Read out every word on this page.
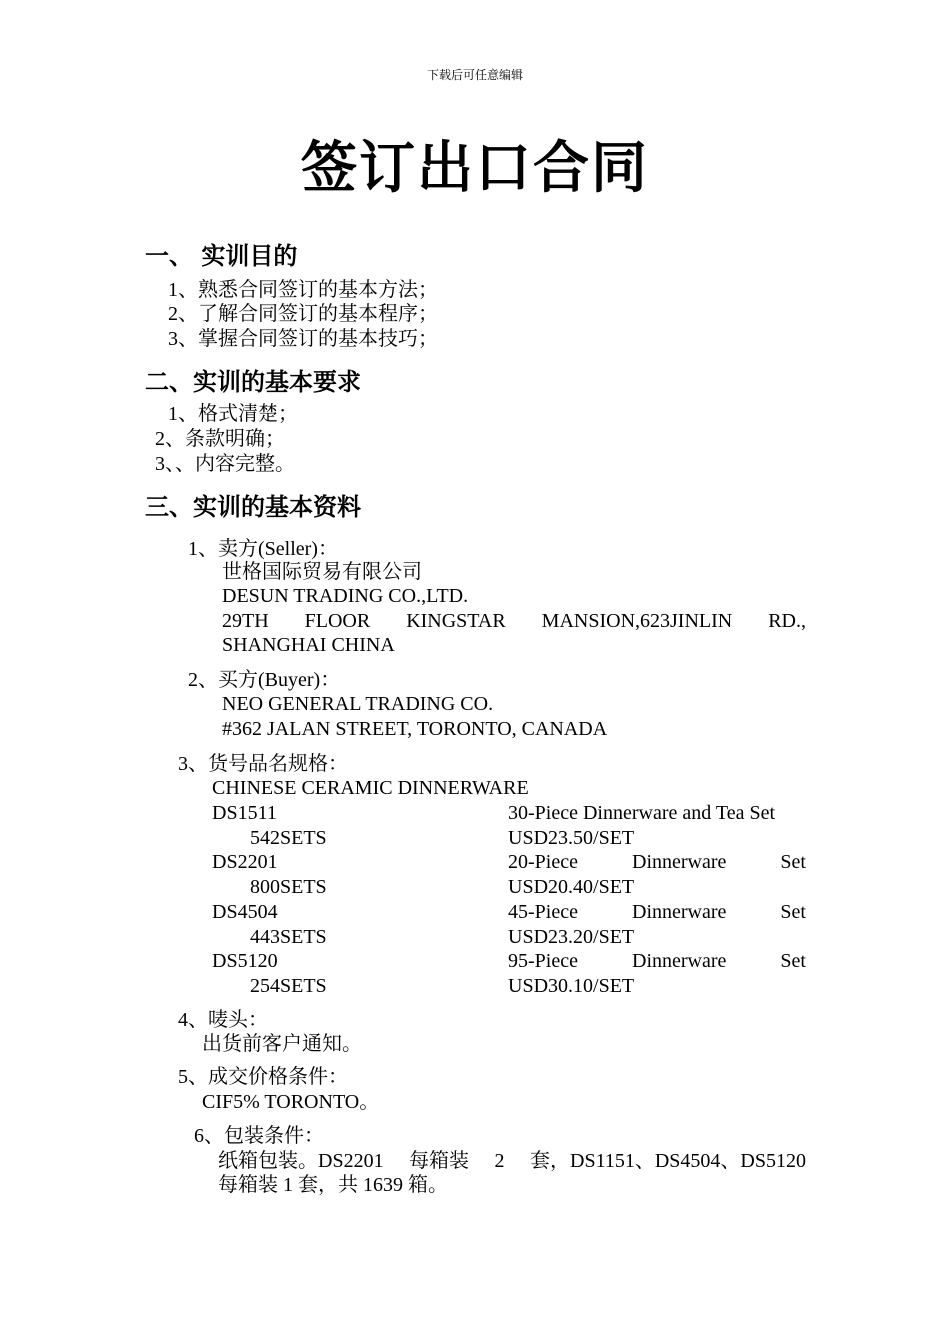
下载后可任意编辑
签订出口合同
一、 实训目的
1、熟悉合同签订的基本方法；
2、了解合同签订的基本程序；
3、掌握合同签订的基本技巧；
二、实训的基本要求
1、格式清楚；
2、条款明确；
3、、内容完整。
三、实训的基本资料
1、卖方(Seller)：
世格国际贸易有限公司
DESUN TRADING CO.,LTD.
29TH FLOOR KINGSTAR MANSION,623JINLIN RD.,
SHANGHAI CHINA
2、买方(Buyer)：
NEO GENERAL TRADING CO.
#362 JALAN STREET, TORONTO, CANADA
3、货号品名规格：
CHINESE CERAMIC DINNERWARE
DS1511	30-Piece Dinnerware and Tea Set
542SETS	USD23.50/SET
DS2201	20-Piece	Dinnerware	Set
800SETS	USD20.40/SET
DS4504	45-Piece	Dinnerware	Set
443SETS	USD23.20/SET
DS5120	95-Piece	Dinnerware	Set
254SETS	USD30.10/SET
4、唛头：
出货前客户通知。
5、成交价格条件：
CIF5% TORONTO。
6、包装条件：
纸箱包装。DS2201 每箱装 2 套，DS1151、DS4504、DS5120
每箱装 1 套，共 1639 箱。
